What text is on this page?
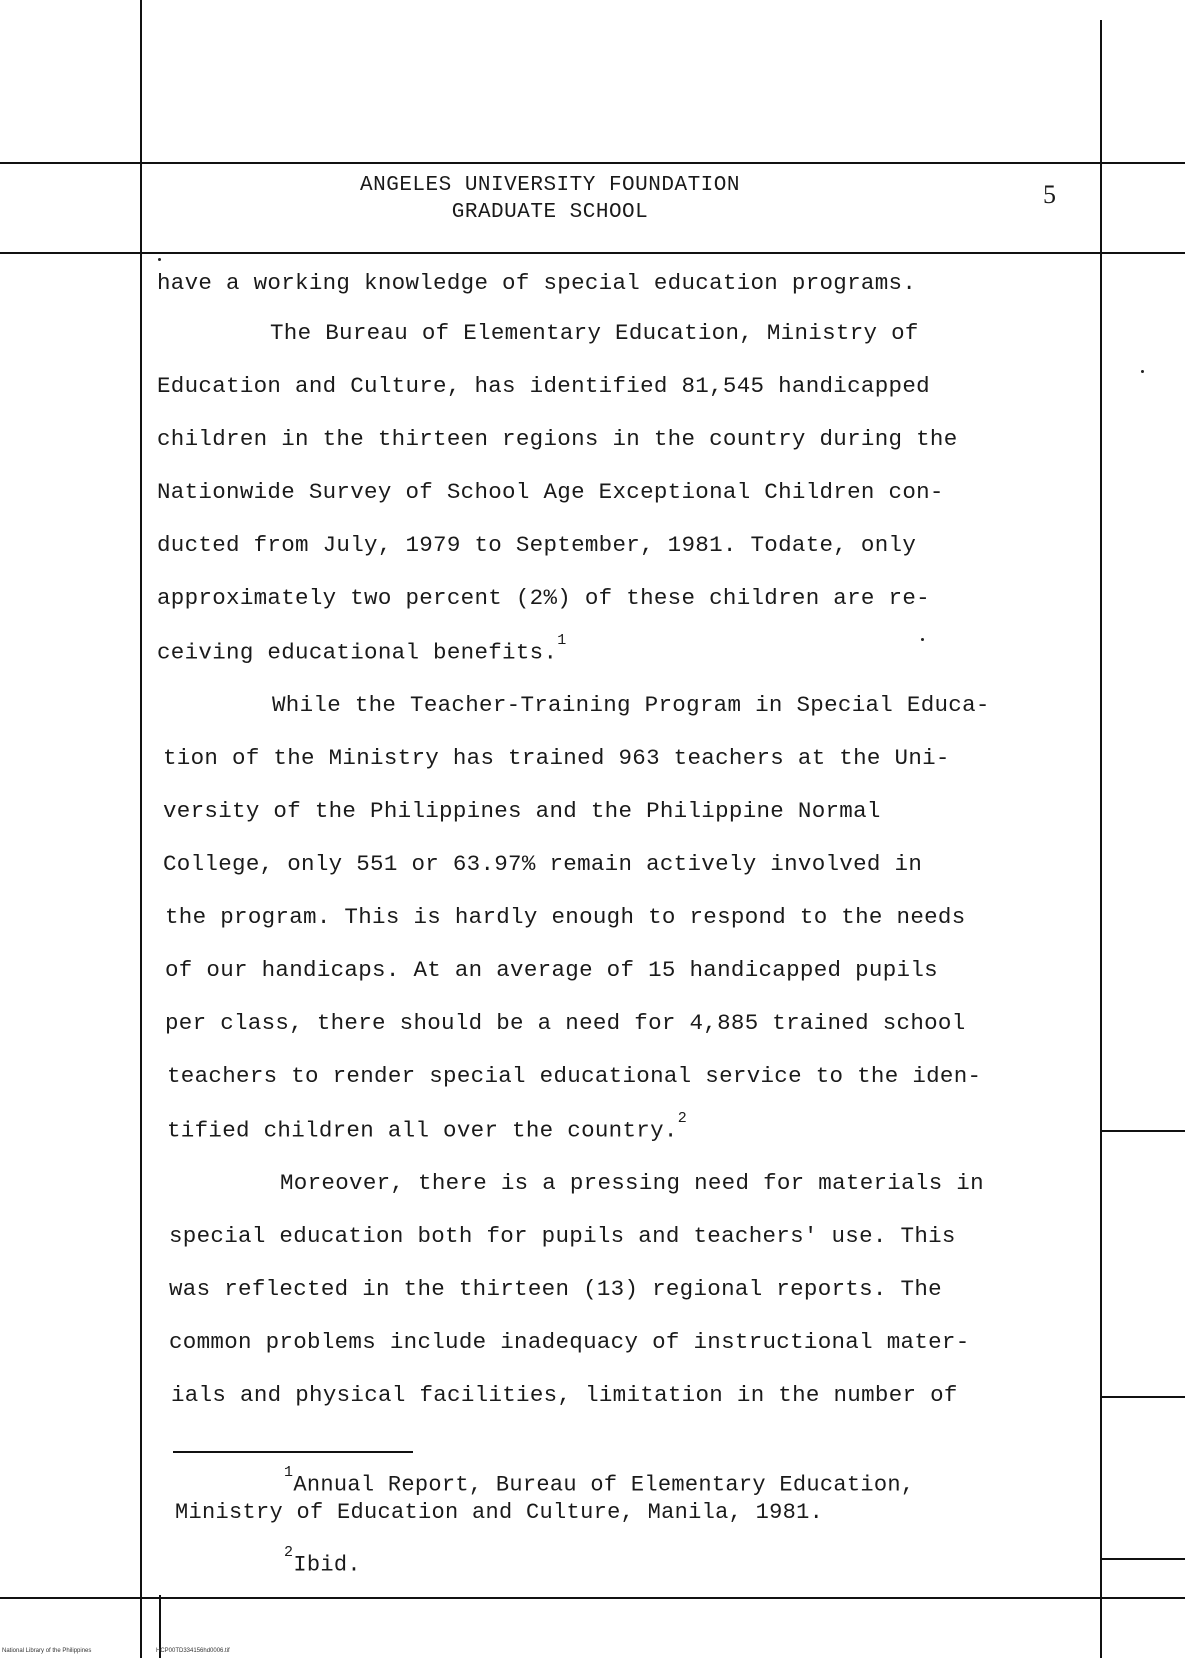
ANGELES UNIVERSITY FOUNDATION
GRADUATE SCHOOL
5
have a working knowledge of special education programs.
The Bureau of Elementary Education, Ministry of
Education and Culture, has identified 81,545 handicapped
children in the thirteen regions in the country during the
Nationwide Survey of School Age Exceptional Children con-
ducted from July, 1979 to September, 1981. Todate, only
approximately two percent (2%) of these children are re-
ceiving educational benefits.$^1$
While the Teacher-Training Program in Special Educa-
tion of the Ministry has trained 963 teachers at the Uni-
versity of the Philippines and the Philippine Normal
College, only 551 or 63.97% remain actively involved in
the program. This is hardly enough to respond to the needs
of our handicaps. At an average of 15 handicapped pupils
per class, there should be a need for 4,885 trained school
teachers to render special educational service to the iden-
tified children all over the country.$^2$
Moreover, there is a pressing need for materials in
special education both for pupils and teachers' use. This
was reflected in the thirteen (13) regional reports. The
common problems include inadequacy of instructional mater-
ials and physical facilities, limitation in the number of
$^1$Annual Report, Bureau of Elementary Education,
Ministry of Education and Culture, Manila, 1981.
$^2$Ibid.
National Library of the Philippines	HCP00TD334156hd0006.tif
